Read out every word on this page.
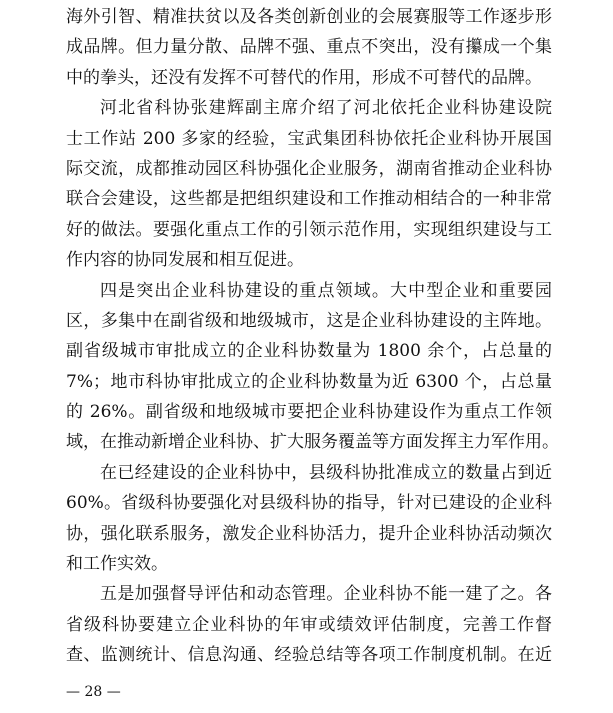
海外引智、精准扶贫以及各类创新创业的会展赛服等工作逐步形
成品牌。但力量分散、品牌不强、重点不突出，没有攥成一个集
中的拳头，还没有发挥不可替代的作用，形成不可替代的品牌。
河北省科协张建辉副主席介绍了河北依托企业科协建设院
士工作站 200 多家的经验，宝武集团科协依托企业科协开展国
际交流，成都推动园区科协强化企业服务，湖南省推动企业科协
联合会建设，这些都是把组织建设和工作推动相结合的一种非常
好的做法。要强化重点工作的引领示范作用，实现组织建设与工
作内容的协同发展和相互促进。
四是突出企业科协建设的重点领域。大中型企业和重要园
区，多集中在副省级和地级城市，这是企业科协建设的主阵地。
副省级城市审批成立的企业科协数量为 1800 余个，占总量的
7%；地市科协审批成立的企业科协数量为近 6300 个，占总量
的 26%。副省级和地级城市要把企业科协建设作为重点工作领
域，在推动新增企业科协、扩大服务覆盖等方面发挥主力军作用。
在已经建设的企业科协中，县级科协批准成立的数量占到近
60%。省级科协要强化对县级科协的指导，针对已建设的企业科
协，强化联系服务，激发企业科协活力，提升企业科协活动频次
和工作实效。
五是加强督导评估和动态管理。企业科协不能一建了之。各
省级科协要建立企业科协的年审或绩效评估制度，完善工作督
查、监测统计、信息沟通、经验总结等各项工作制度机制。在近
— 28 —
